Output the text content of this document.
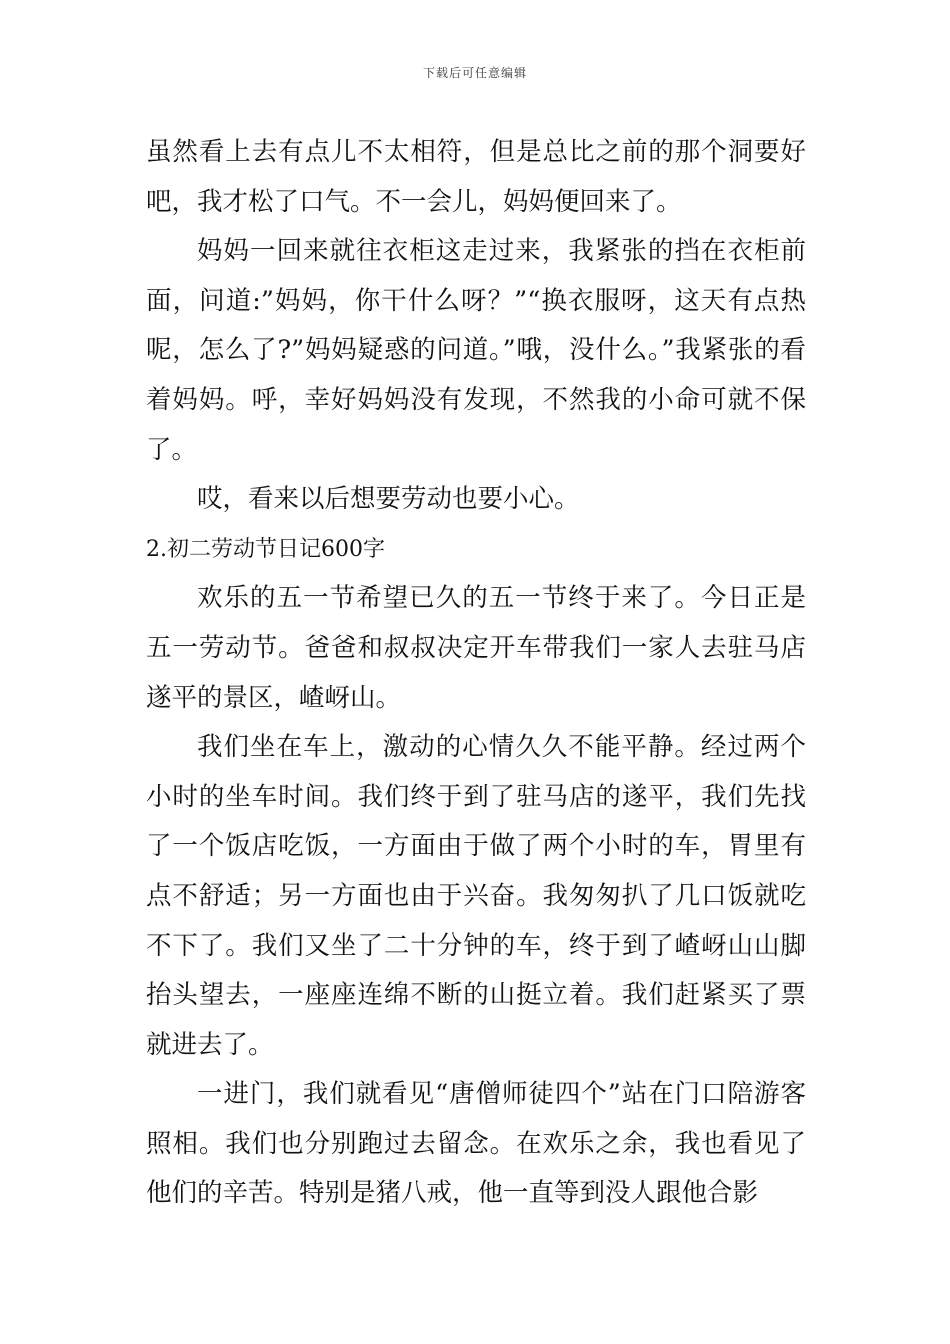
下载后可任意编辑

虽然看上去有点儿不太相符，但是总比之前的那个洞要好吧，我才松了口气。不一会儿，妈妈便回来了。

妈妈一回来就往衣柜这走过来，我紧张的挡在衣柜前面，问道:”妈妈，你干什么呀？”“换衣服呀，这天有点热呢，怎么了?”妈妈疑惑的问道。”哦，没什么。”我紧张的看着妈妈。呼，幸好妈妈没有发现，不然我的小命可就不保了。

哎，看来以后想要劳动也要小心。

2.初二劳动节日记600字

欢乐的五一节希望已久的五一节终于来了。今日正是五一劳动节。爸爸和叔叔决定开车带我们一家人去驻马店遂平的景区，嵖岈山。

我们坐在车上，激动的心情久久不能平静。经过两个小时的坐车时间。我们终于到了驻马店的遂平，我们先找了一个饭店吃饭，一方面由于做了两个小时的车，胃里有点不舒适；另一方面也由于兴奋。我匆匆扒了几口饭就吃不下了。我们又坐了二十分钟的车，终于到了嵖岈山山脚抬头望去，一座座连绵不断的山挺立着。我们赶紧买了票就进去了。

一进门，我们就看见“唐僧师徒四个”站在门口陪游客照相。我们也分别跑过去留念。在欢乐之余，我也看见了他们的辛苦。特别是猪八戒，他一直等到没人跟他合影
